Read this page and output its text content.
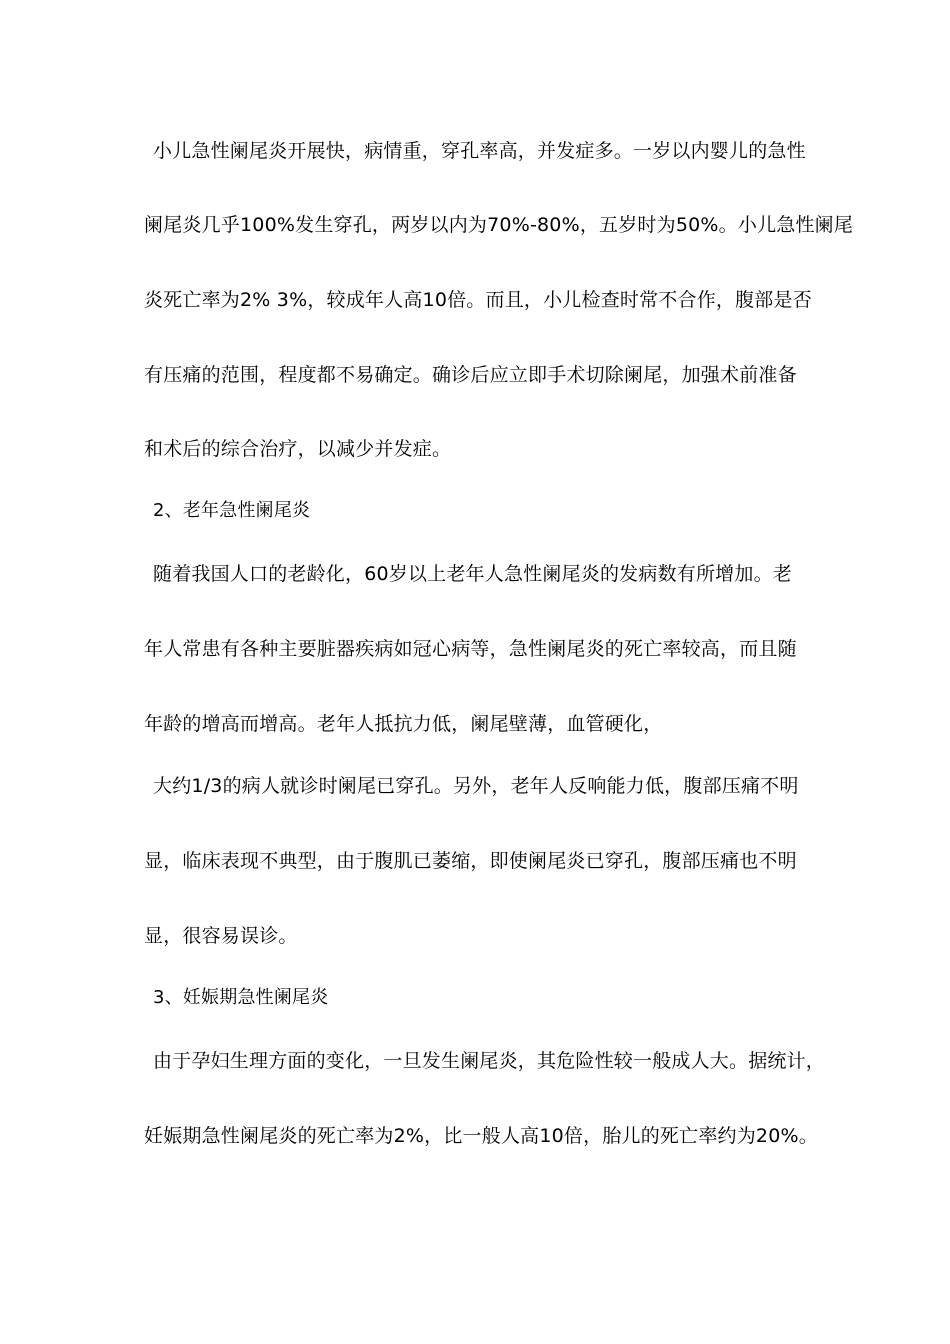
小儿急性阑尾炎开展快，病情重，穿孔率高，并发症多。一岁以内婴儿的急性
阑尾炎几乎100%发生穿孔，两岁以内为70%-80%，五岁时为50%。小儿急性阑尾
炎死亡率为2% 3%，较成年人高10倍。而且，小儿检查时常不合作，腹部是否
有压痛的范围，程度都不易确定。确诊后应立即手术切除阑尾，加强术前准备
和术后的综合治疗，以减少并发症。
2、老年急性阑尾炎
随着我国人口的老龄化，60岁以上老年人急性阑尾炎的发病数有所增加。老
年人常患有各种主要脏器疾病如冠心病等，急性阑尾炎的死亡率较高，而且随
年龄的增高而增高。老年人抵抗力低，阑尾壁薄，血管硬化，
大约1/3的病人就诊时阑尾已穿孔。另外，老年人反响能力低，腹部压痛不明
显，临床表现不典型，由于腹肌已萎缩，即使阑尾炎已穿孔，腹部压痛也不明
显，很容易误诊。
3、妊娠期急性阑尾炎
由于孕妇生理方面的变化，一旦发生阑尾炎，其危险性较一般成人大。据统计，
妊娠期急性阑尾炎的死亡率为2%，比一般人高10倍，胎儿的死亡率约为20%。
